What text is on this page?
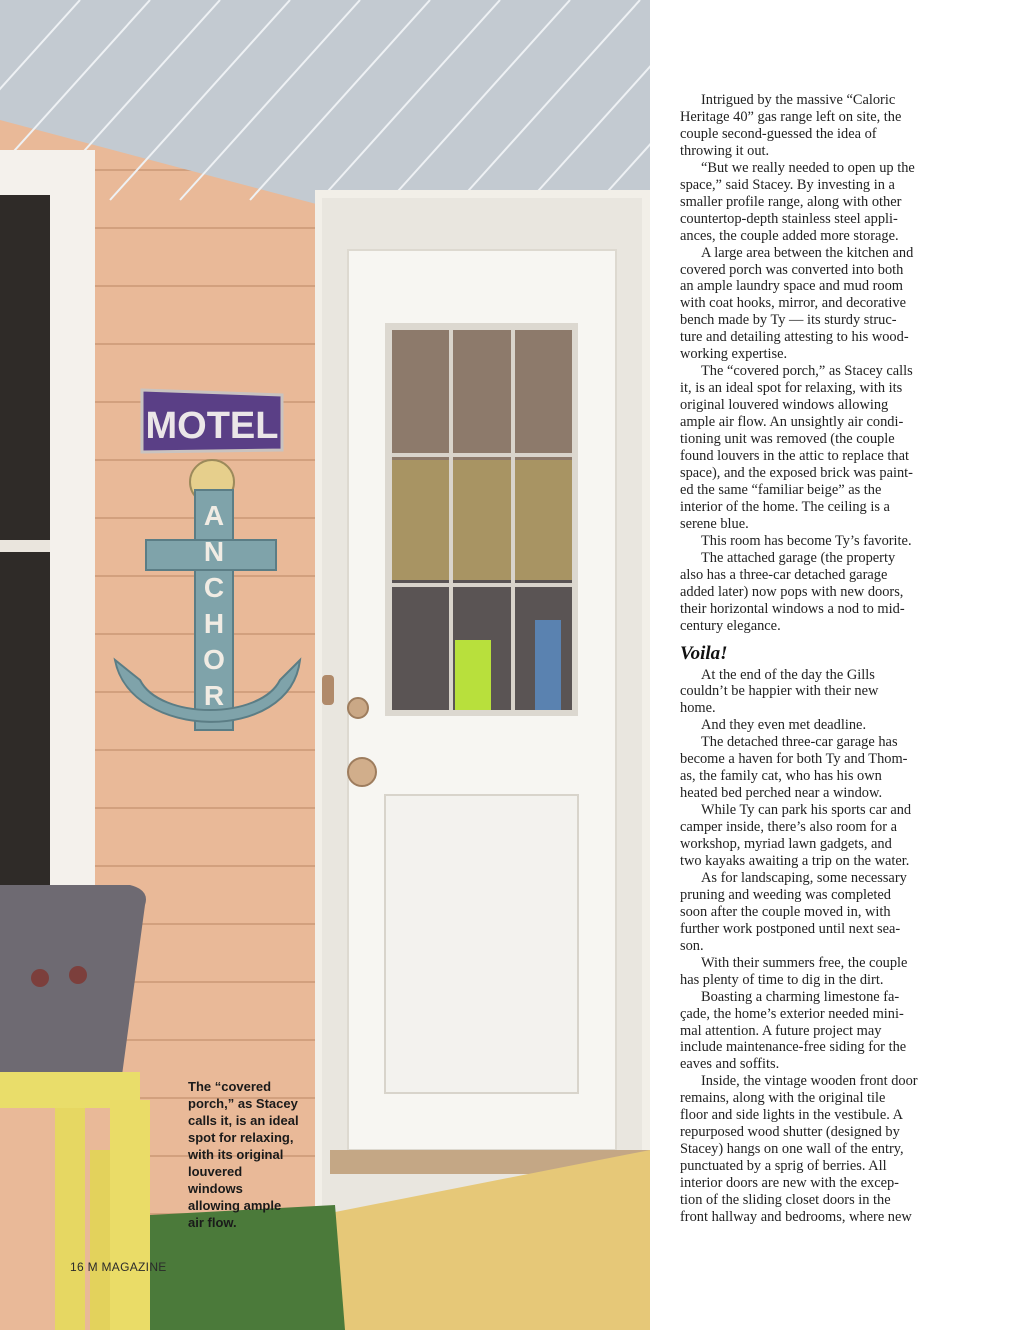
MOTEL
A
N
C
H
O
R
The “covered
porch,” as Stacey
calls it, is an ideal
spot for relaxing,
with its original
louvered
windows
allowing ample
air flow.
16 M MAGAZINE
Intrigued by the massive “Caloric
Heritage 40” gas range left on site, the
couple second-guessed the idea of
throwing it out.
“But we really needed to open up the
space,” said Stacey. By investing in a
smaller profile range, along with other
countertop-depth stainless steel appli-
ances, the couple added more storage.
A large area between the kitchen and
covered porch was converted into both
an ample laundry space and mud room
with coat hooks, mirror, and decorative
bench made by Ty — its sturdy struc-
ture and detailing attesting to his wood-
working expertise.
The “covered porch,” as Stacey calls
it, is an ideal spot for relaxing, with its
original louvered windows allowing
ample air flow. An unsightly air condi-
tioning unit was removed (the couple
found louvers in the attic to replace that
space), and the exposed brick was paint-
ed the same “familiar beige” as the
interior of the home. The ceiling is a
serene blue.
This room has become Ty’s favorite.
The attached garage (the property
also has a three-car detached garage
added later) now pops with new doors,
their horizontal windows a nod to mid-
century elegance.
Voila!
At the end of the day the Gills
couldn’t be happier with their new
home.
And they even met deadline.
The detached three-car garage has
become a haven for both Ty and Thom-
as, the family cat, who has his own
heated bed perched near a window.
While Ty can park his sports car and
camper inside, there’s also room for a
workshop, myriad lawn gadgets, and
two kayaks awaiting a trip on the water.
As for landscaping, some necessary
pruning and weeding was completed
soon after the couple moved in, with
further work postponed until next sea-
son.
With their summers free, the couple
has plenty of time to dig in the dirt.
Boasting a charming limestone fa-
çade, the home’s exterior needed mini-
mal attention. A future project may
include maintenance-free siding for the
eaves and soffits.
Inside, the vintage wooden front door
remains, along with the original tile
floor and side lights in the vestibule. A
repurposed wood shutter (designed by
Stacey) hangs on one wall of the entry,
punctuated by a sprig of berries. All
interior doors are new with the excep-
tion of the sliding closet doors in the
front hallway and bedrooms, where new
